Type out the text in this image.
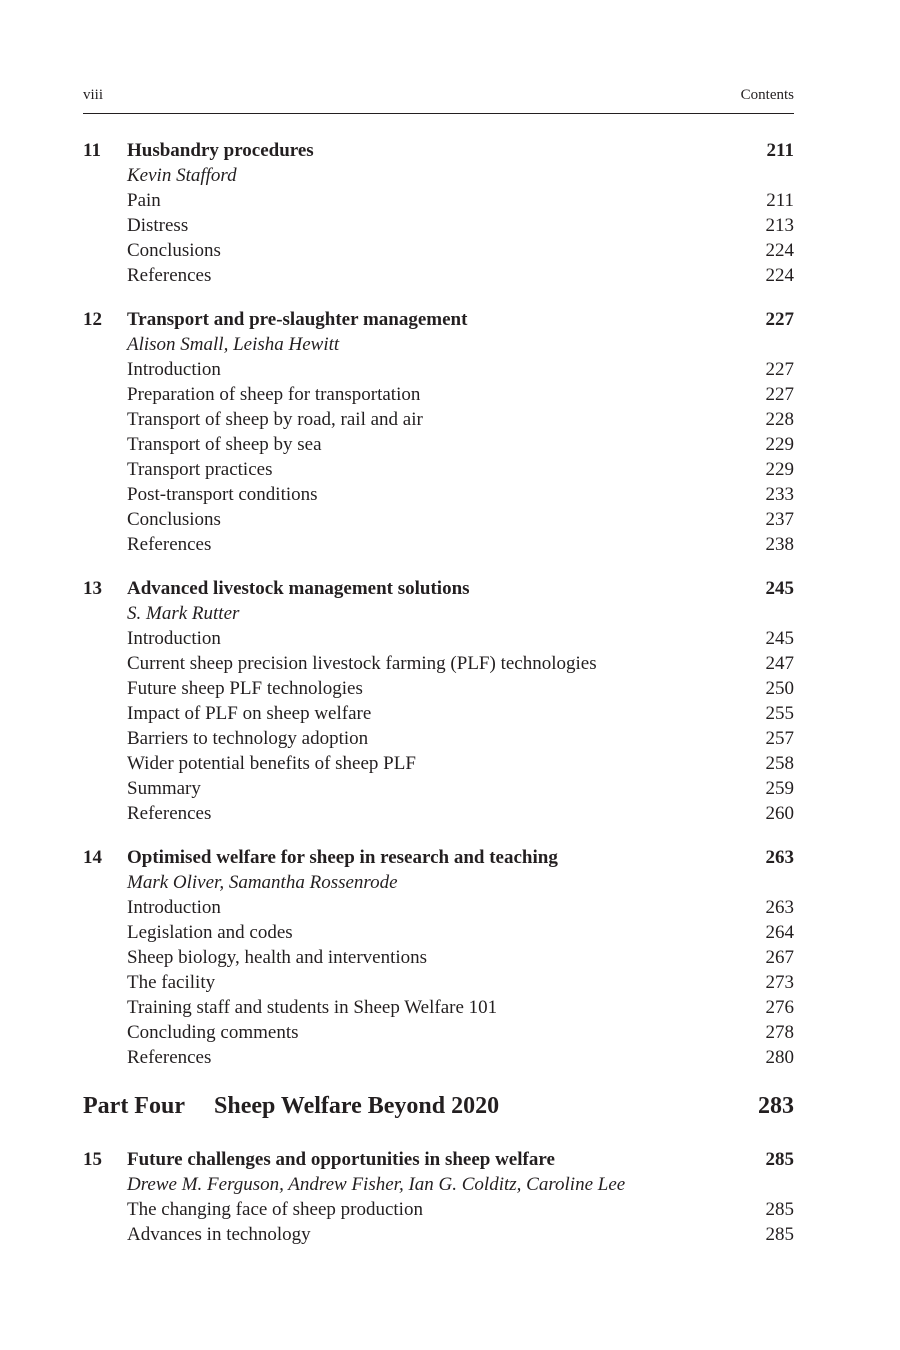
viii	Contents
11 Husbandry procedures	211
Kevin Stafford
Pain	211
Distress	213
Conclusions	224
References	224
12 Transport and pre-slaughter management	227
Alison Small, Leisha Hewitt
Introduction	227
Preparation of sheep for transportation	227
Transport of sheep by road, rail and air	228
Transport of sheep by sea	229
Transport practices	229
Post-transport conditions	233
Conclusions	237
References	238
13 Advanced livestock management solutions	245
S. Mark Rutter
Introduction	245
Current sheep precision livestock farming (PLF) technologies	247
Future sheep PLF technologies	250
Impact of PLF on sheep welfare	255
Barriers to technology adoption	257
Wider potential benefits of sheep PLF	258
Summary	259
References	260
14 Optimised welfare for sheep in research and teaching	263
Mark Oliver, Samantha Rossenrode
Introduction	263
Legislation and codes	264
Sheep biology, health and interventions	267
The facility	273
Training staff and students in Sheep Welfare 101	276
Concluding comments	278
References	280
Part Four Sheep Welfare Beyond 2020	283
15 Future challenges and opportunities in sheep welfare	285
Drewe M. Ferguson, Andrew Fisher, Ian G. Colditz, Caroline Lee
The changing face of sheep production	285
Advances in technology	285
